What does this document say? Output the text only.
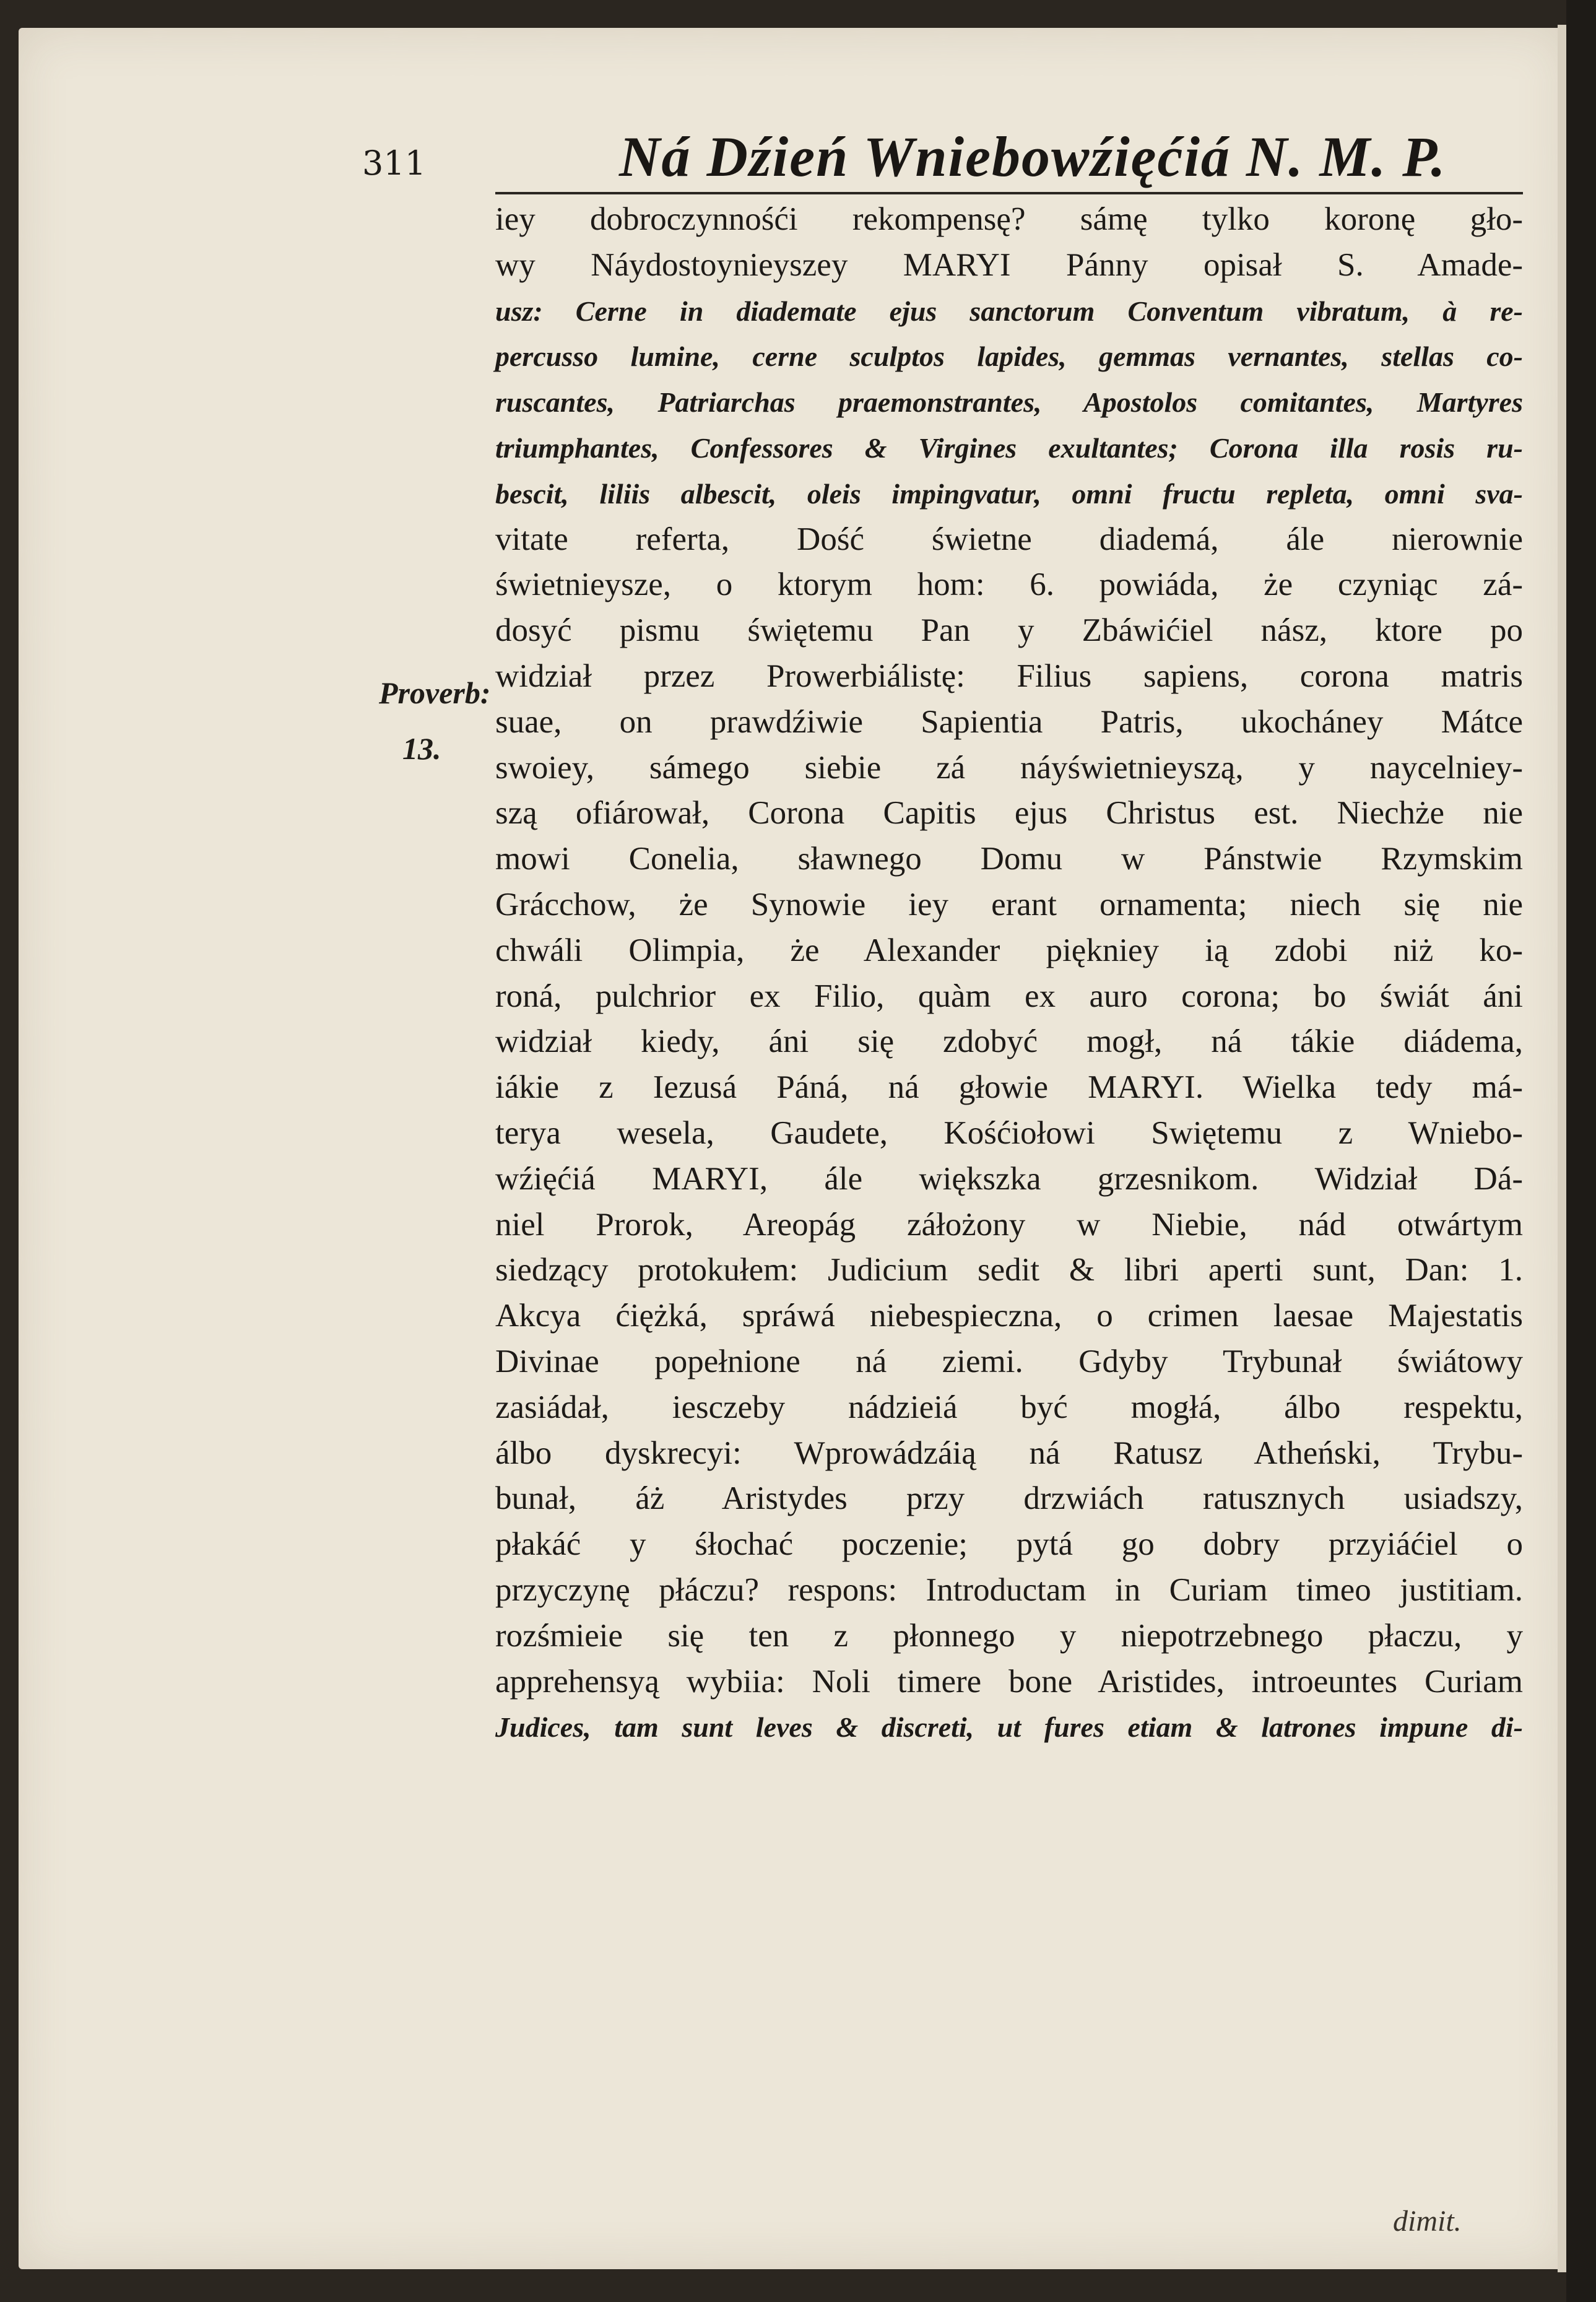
311	Ná Dźień Wniebowźięćiá N. M. P.
Proverb:
13.
iey dobroczynnośći rekompensę? sámę tylko koronę gło-
wy Náydostoynieyszey MARYI Pánny opisał S. Amade-
usz: Cerne in diademate ejus sanctorum Conventum vibratum, à re-
percusso lumine, cerne sculptos lapides, gemmas vernantes, stellas co-
ruscantes, Patriarchas praemonstrantes, Apostolos comitantes, Martyres
triumphantes, Confessores & Virgines exultantes; Corona illa rosis ru-
bescit, liliis albescit, oleis impingvatur, omni fructu repleta, omni sva-
vitate referta, Dość świetne diademá, ále nierownie
świetnieysze, o ktorym hom: 6. powiáda, że czyniąc zá-
dosyć pismu świętemu Pan y Zbáwićiel nász, ktore po
widział przez Prowerbiálistę: Filius sapiens, corona matris
suae, on prawdźiwie Sapientia Patris, ukocháney Mátce
swoiey, sámego siebie zá náyświetnieyszą, y naycelniey-
szą ofiárował, Corona Capitis ejus Christus est. Niechże nie
mowi Conelia, sławnego Domu w Pánstwie Rzymskim
Grácchow, że Synowie iey erant ornamenta; niech się nie
chwáli Olimpia, że Alexander piękniey ią zdobi niż ko-
roná, pulchrior ex Filio, quàm ex auro corona; bo świát áni
widział kiedy, áni się zdobyć mogł, ná tákie diádema,
iákie z Iezusá Páná, ná głowie MARYI. Wielka tedy má-
terya wesela, Gaudete, Kośćiołowi Swiętemu z Wniebo-
wźięćiá MARYI, ále większka grzesnikom. Widział Dá-
niel Prorok, Areopág záłożony w Niebie, nád otwártym
siedzący protokułem: Judicium sedit & libri aperti sunt, Dan: 1.
Akcya ćiężká, spráwá niebespieczna, o crimen laesae Majestatis
Divinae popełnione ná ziemi. Gdyby Trybunał świátowy
zasiádał, iesczeby nádzieiá być mogłá, álbo respektu,
álbo dyskrecyi: Wprowádzáią ná Ratusz Atheński, Trybu-
bunał, áż Aristydes przy drzwiách ratusznych usiadszy,
płakáć y śłochać poczenie; pytá go dobry przyiáćiel o
przyczynę płáczu? respons: Introductam in Curiam timeo justitiam.
rozśmieie się ten z płonnego y niepotrzebnego płaczu, y
apprehensyą wybiia: Noli timere bone Aristides, introeuntes Curiam
Judices, tam sunt leves & discreti, ut fures etiam & latrones impune di-
dimit.
